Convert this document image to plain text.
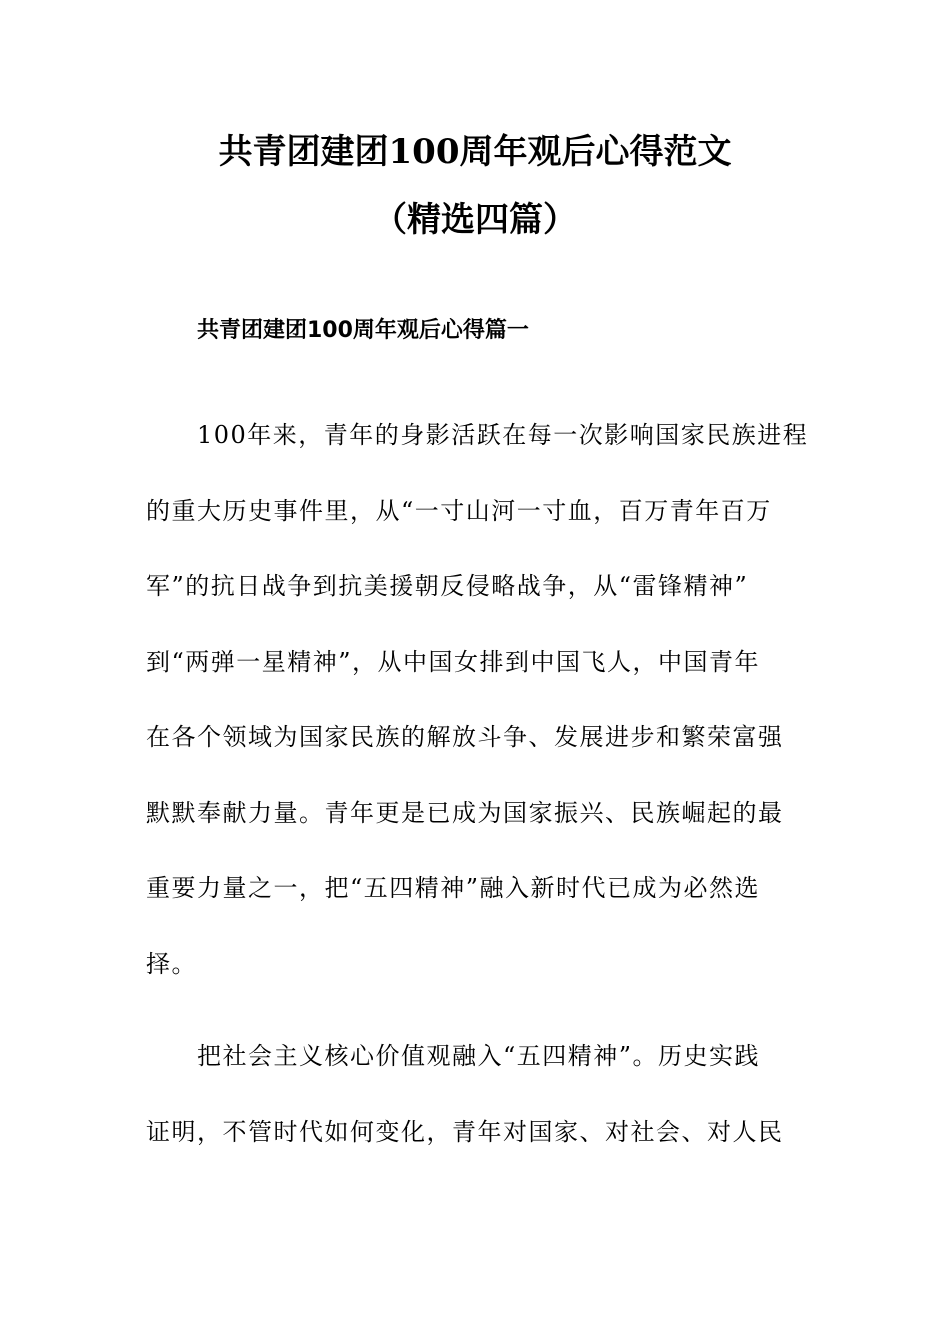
共青团建团100周年观后心得范文
（精选四篇）
共青团建团100周年观后心得篇一
100年来，青年的身影活跃在每一次影响国家民族进程
的重大历史事件里，从“一寸山河一寸血，百万青年百万
军”的抗日战争到抗美援朝反侵略战争，从“雷锋精神”
到“两弹一星精神”，从中国女排到中国飞人，中国青年
在各个领域为国家民族的解放斗争、发展进步和繁荣富强
默默奉献力量。青年更是已成为国家振兴、民族崛起的最
重要力量之一，把“五四精神”融入新时代已成为必然选
择。
把社会主义核心价值观融入“五四精神”。历史实践
证明，不管时代如何变化，青年对国家、对社会、对人民
